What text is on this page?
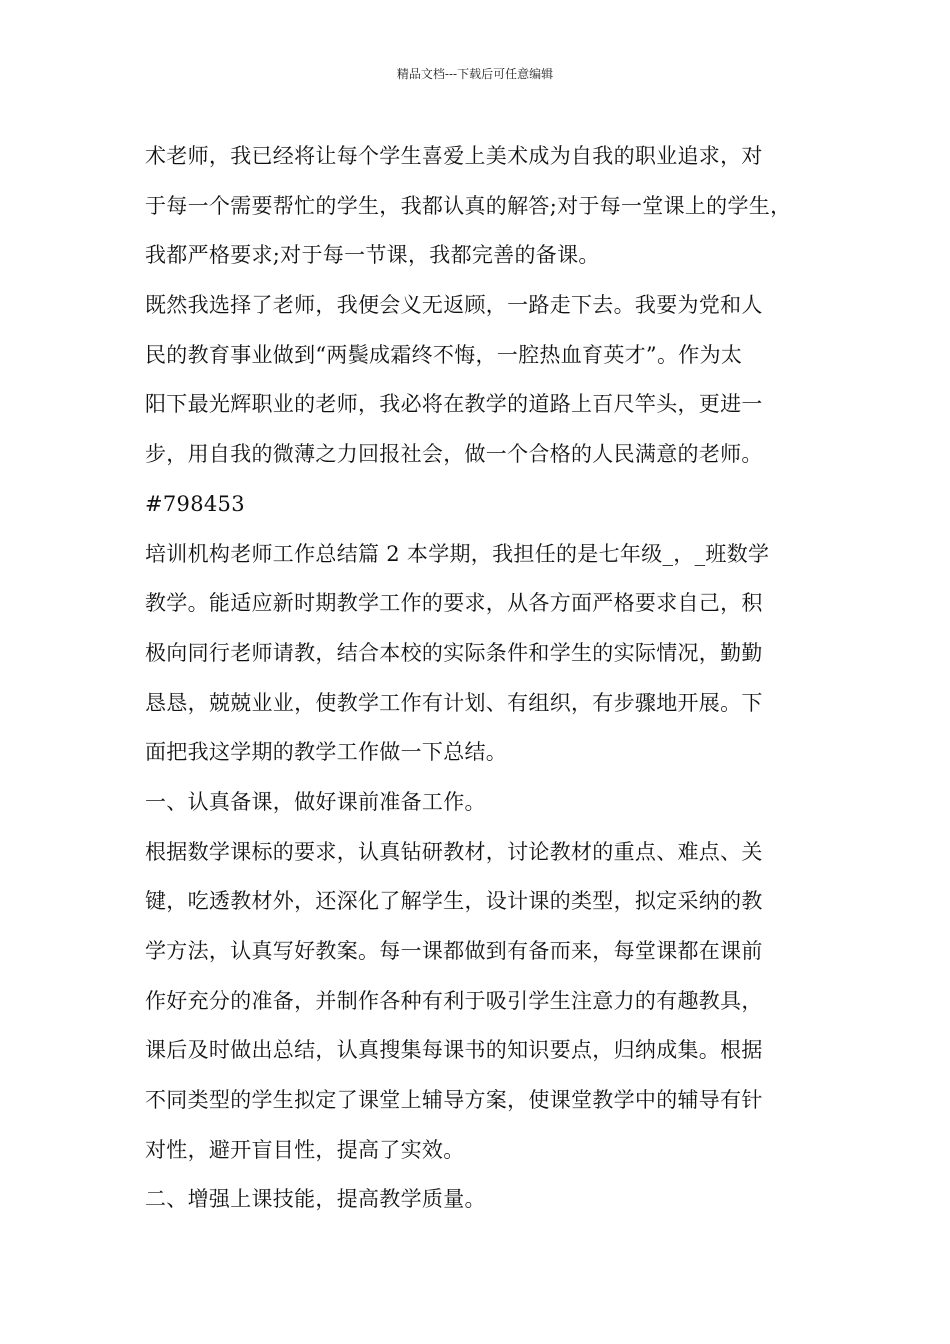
精品文档---下载后可任意编辑
术老师，我已经将让每个学生喜爱上美术成为自我的职业追求，对
于每一个需要帮忙的学生，我都认真的解答;对于每一堂课上的学生，
我都严格要求;对于每一节课，我都完善的备课。
既然我选择了老师，我便会义无返顾，一路走下去。我要为党和人
民的教育事业做到“两鬓成霜终不悔，一腔热血育英才”。作为太
阳下最光辉职业的老师，我必将在教学的道路上百尺竿头，更进一
步，用自我的微薄之力回报社会，做一个合格的人民满意的老师。
#798453
培训机构老师工作总结篇 2 本学期，我担任的是七年级_，_班数学
教学。能适应新时期教学工作的要求，从各方面严格要求自己，积
极向同行老师请教，结合本校的实际条件和学生的实际情况，勤勤
恳恳，兢兢业业，使教学工作有计划、有组织，有步骤地开展。下
面把我这学期的教学工作做一下总结。
一、认真备课，做好课前准备工作。
根据数学课标的要求，认真钻研教材，讨论教材的重点、难点、关
键，吃透教材外，还深化了解学生，设计课的类型，拟定采纳的教
学方法，认真写好教案。每一课都做到有备而来，每堂课都在课前
作好充分的准备，并制作各种有利于吸引学生注意力的有趣教具，
课后及时做出总结，认真搜集每课书的知识要点，归纳成集。根据
不同类型的学生拟定了课堂上辅导方案，使课堂教学中的辅导有针
对性，避开盲目性，提高了实效。
二、增强上课技能，提高教学质量。
